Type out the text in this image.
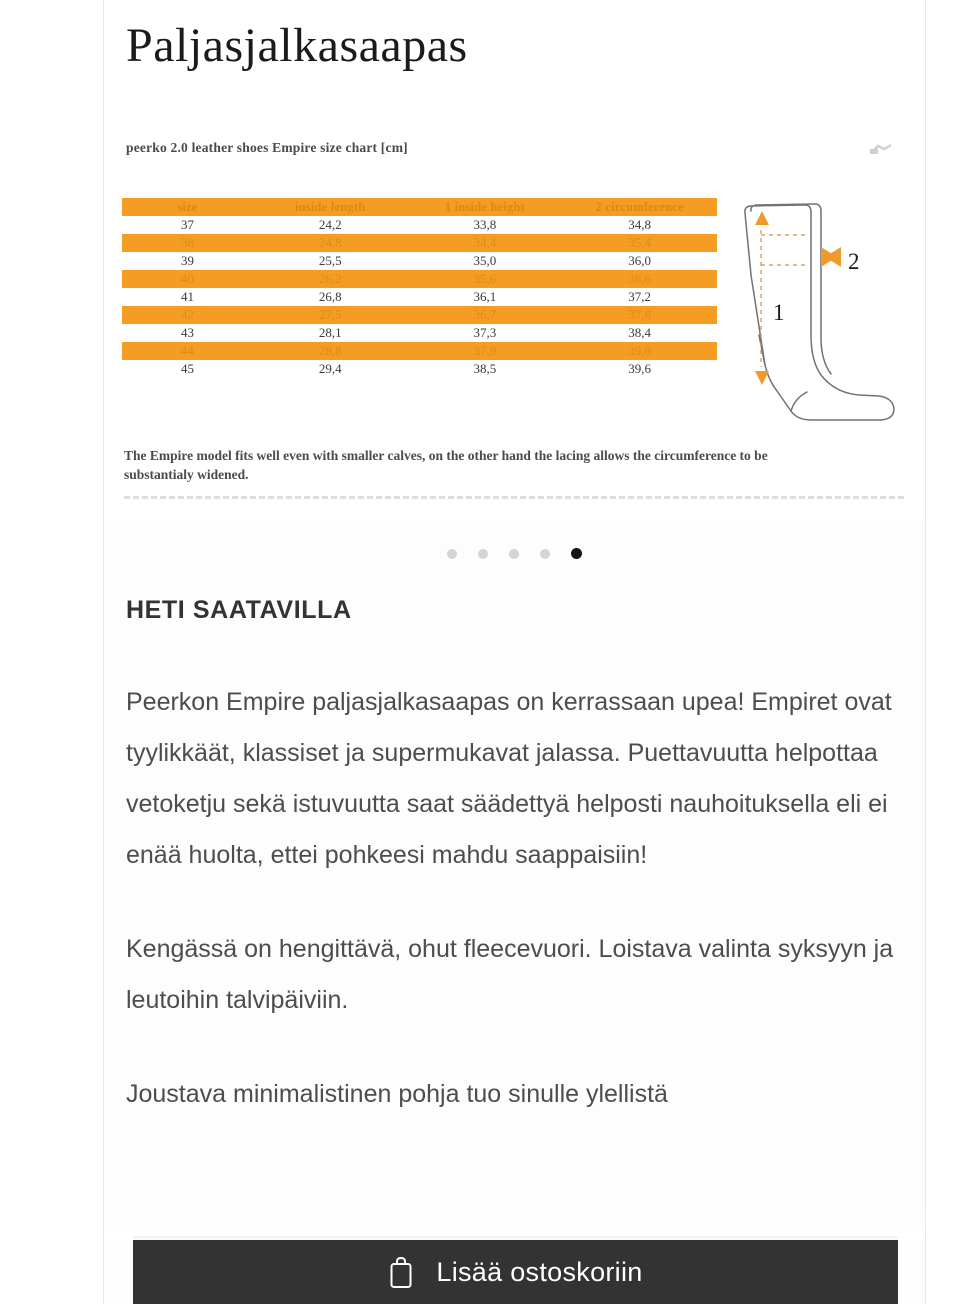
Paljasjalkasaapas
peerko 2.0 leather shoes Empire size chart [cm]
size	inside length	1 inside height	2 circumference
37	24,2	33,8	34,8
38	24,8	34,4	35,4
39	25,5	35,0	36,0
40	26,2	35,6	36,6
41	26,8	36,1	37,2
42	27,5	36,7	37,8
43	28,1	37,3	38,4
44	28,8	37,9	39,0
45	29,4	38,5	39,6
1
2
The Empire model fits well even with smaller calves, on the other hand the lacing allows the circumference to be substantialy widened.
HETI SAATAVILLA

Peerkon Empire paljasjalkasaapas on kerrassaan upea! Empiret ovat tyylikkäät, klassiset ja supermukavat jalassa. Puettavuutta helpottaa vetoketju sekä istuvuutta saat säädettyä helposti nauhoituksella eli ei enää huolta, ettei pohkeesi mahdu saappaisiin!

Kengässä on hengittävä, ohut fleecevuori. Loistava valinta syksyyn ja leutoihin talvipäiviin.

Joustava minimalistinen pohja tuo sinulle ylellistä

Lisää ostoskoriin
